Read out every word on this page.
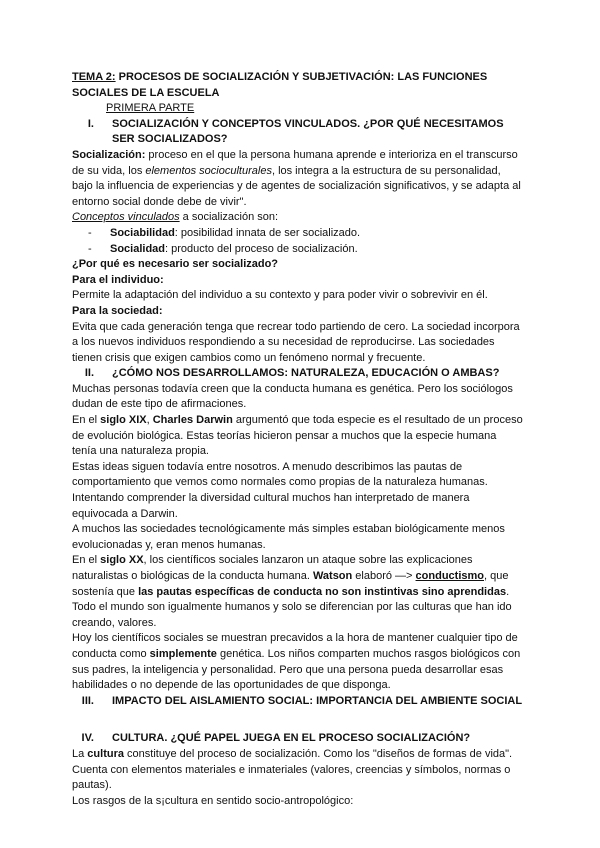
TEMA 2: PROCESOS DE SOCIALIZACIÓN Y SUBJETIVACIÓN: LAS FUNCIONES
SOCIALES DE LA ESCUELA
PRIMERA PARTE
I.	SOCIALIZACIÓN Y CONCEPTOS VINCULADOS. ¿POR QUÉ NECESITAMOS
SER SOCIALIZADOS?
Socialización: proceso en el que la persona humana aprende e interioriza en el transcurso
de su vida, los elementos socioculturales, los integra a la estructura de su personalidad,
bajo la influencia de experiencias y de agentes de socialización significativos, y se adapta al
entorno social donde debe de vivir".
Conceptos vinculados a socialización son:
-	Sociabilidad: posibilidad innata de ser socializado.
-	Socialidad: producto del proceso de socialización.
¿Por qué es necesario ser socializado?
Para el individuo:
Permite la adaptación del individuo a su contexto y para poder vivir o sobrevivir en él.
Para la sociedad:
Evita que cada generación tenga que recrear todo partiendo de cero. La sociedad incorpora
a los nuevos individuos respondiendo a su necesidad de reproducirse. Las sociedades
tienen crisis que exigen cambios como un fenómeno normal y frecuente.
II.	¿CÓMO NOS DESARROLLAMOS: NATURALEZA, EDUCACIÓN O AMBAS?
Muchas personas todavía creen que la conducta humana es genética. Pero los sociólogos
dudan de este tipo de afirmaciones.
En el siglo XIX, Charles Darwin argumentó que toda especie es el resultado de un proceso
de evolución biológica. Estas teorías hicieron pensar a muchos que la especie humana
tenía una naturaleza propia.
Estas ideas siguen todavía entre nosotros. A menudo describimos las pautas de
comportamiento que vemos como normales como propias de la naturaleza humanas.
Intentando comprender la diversidad cultural muchos han interpretado de manera
equivocada a Darwin.
A muchos las sociedades tecnológicamente más simples estaban biológicamente menos
evolucionadas y, eran menos humanas.
En el siglo XX, los científicos sociales lanzaron un ataque sobre las explicaciones
naturalistas o biológicas de la conducta humana. Watson elaboró —> conductismo, que
sostenía que las pautas específicas de conducta no son instintivas sino aprendidas.
Todo el mundo son igualmente humanos y solo se diferencian por las culturas que han ido
creando, valores.
Hoy los científicos sociales se muestran precavidos a la hora de mantener cualquier tipo de
conducta como simplemente genética. Los niños comparten muchos rasgos biológicos con
sus padres, la inteligencia y personalidad. Pero que una persona pueda desarrollar esas
habilidades o no depende de las oportunidades de que disponga.
III.	IMPACTO DEL AISLAMIENTO SOCIAL: IMPORTANCIA DEL AMBIENTE SOCIAL
IV.	CULTURA. ¿QUÉ PAPEL JUEGA EN EL PROCESO SOCIALIZACIÓN?
La cultura constituye del proceso de socialización. Como los "diseños de formas de vida".
Cuenta con elementos materiales e inmateriales (valores, creencias y símbolos, normas o
pautas).
Los rasgos de la s¡cultura en sentido socio-antropológico:
